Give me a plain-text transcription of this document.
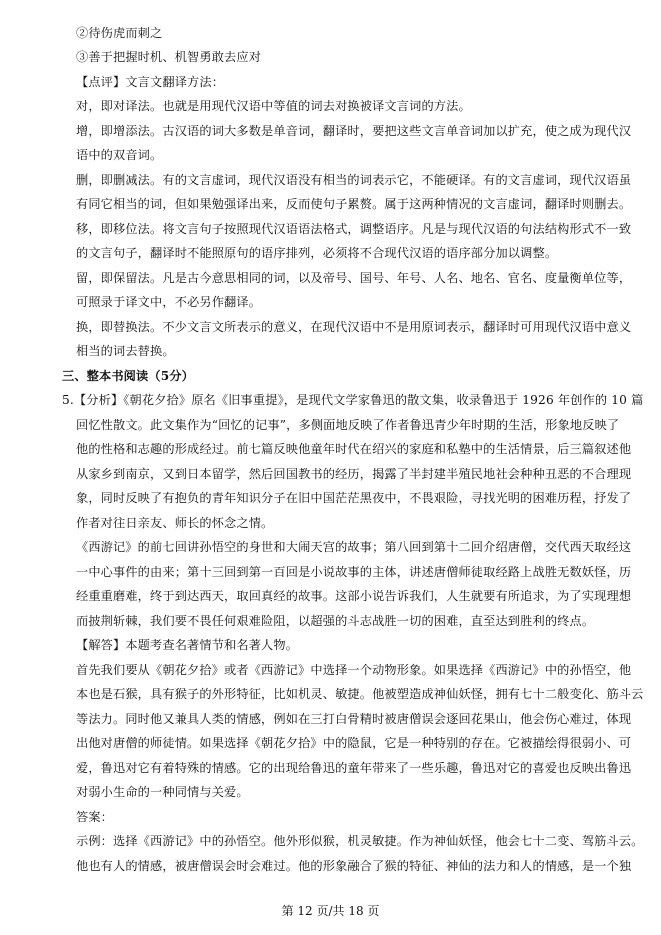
②待伤虎而刺之
③善于把握时机、机智勇敢去应对
【点评】文言文翻译方法：
对，即对译法。也就是用现代汉语中等值的词去对换被译文言词的方法。
增，即增添法。古汉语的词大多数是单音词，翻译时，要把这些文言单音词加以扩充，使之成为现代汉
语中的双音词。
删，即删减法。有的文言虚词，现代汉语没有相当的词表示它，不能硬译。有的文言虚词，现代汉语虽
有同它相当的词，但如果勉强译出来，反而使句子累赘。属于这两种情况的文言虚词，翻译时则删去。
移，即移位法。将文言句子按照现代汉语语法格式，调整语序。凡是与现代汉语的句法结构形式不一致
的文言句子，翻译时不能照原句的语序排列，必须将不合现代汉语的语序部分加以调整。
留，即保留法。凡是古今意思相同的词，以及帝号、国号、年号、人名、地名、官名、度量衡单位等，
可照录于译文中，不必另作翻译。
换，即替换法。不少文言文所表示的意义，在现代汉语中不是用原词表示，翻译时可用现代汉语中意义
相当的词去替换。
三、整本书阅读（5分）
5.【分析】《朝花夕拾》原名《旧事重提》，是现代文学家鲁迅的散文集，收录鲁迅于 1926 年创作的 10 篇
回忆性散文。此文集作为“回忆的记事”，多侧面地反映了作者鲁迅青少年时期的生活，形象地反映了
他的性格和志趣的形成经过。前七篇反映他童年时代在绍兴的家庭和私塾中的生活情景，后三篇叙述他
从家乡到南京，又到日本留学，然后回国教书的经历，揭露了半封建半殖民地社会种种丑恶的不合理现
象，同时反映了有抱负的青年知识分子在旧中国茫茫黑夜中，不畏艰险，寻找光明的困难历程，抒发了
作者对往日亲友、师长的怀念之情。
《西游记》的前七回讲孙悟空的身世和大闹天宫的故事；第八回到第十二回介绍唐僧，交代西天取经这
一中心事件的由来；第十三回到第一百回是小说故事的主体，讲述唐僧师徒取经路上战胜无数妖怪，历
经重重磨难，终于到达西天，取回真经的故事。这部小说告诉我们，人生就要有所追求，为了实现理想
而披荆斩棘，我们要不畏任何艰难险阻，以超强的斗志战胜一切的困难，直至达到胜利的终点。
【解答】本题考查名著情节和名著人物。
首先我们要从《朝花夕拾》或者《西游记》中选择一个动物形象。如果选择《西游记》中的孙悟空，他
本也是石猴，具有猴子的外形特征，比如机灵、敏捷。他被塑造成神仙妖怪，拥有七十二般变化、筋斗云
等法力。同时他又兼具人类的情感，例如在三打白骨精时被唐僧误会逐回花果山，他会伤心难过，体现
出他对唐僧的师徒情。如果选择《朝花夕拾》中的隐鼠，它是一种特别的存在。它被描绘得很弱小、可
爱，鲁迅对它有着特殊的情感。它的出现给鲁迅的童年带来了一些乐趣，鲁迅对它的喜爱也反映出鲁迅
对弱小生命的一种同情与关爱。
答案：
示例：选择《西游记》中的孙悟空。他外形似猴，机灵敏捷。作为神仙妖怪，他会七十二变、驾筋斗云。
他也有人的情感，被唐僧误会时会难过。他的形象融合了猴的特征、神仙的法力和人的情感，是一个独
第 12 页/共 18 页
